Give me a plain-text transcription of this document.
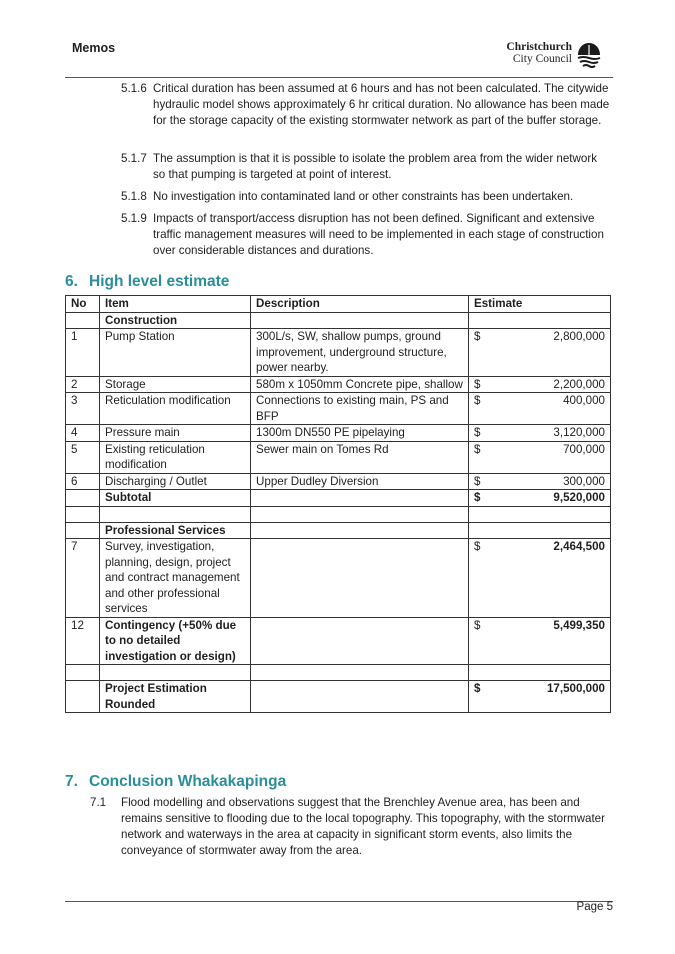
Memos	Christchurch
City Council
5.1.6 Critical duration has been assumed at 6 hours and has not been calculated. The citywide hydraulic model shows approximately 6 hr critical duration. No allowance has been made for the storage capacity of the existing stormwater network as part of the buffer storage.
5.1.7 The assumption is that it is possible to isolate the problem area from the wider network so that pumping is targeted at point of interest.
5.1.8 No investigation into contaminated land or other constraints has been undertaken.
5.1.9 Impacts of transport/access disruption has not been defined. Significant and extensive traffic management measures will need to be implemented in each stage of construction over considerable distances and durations.
6. High level estimate
No	Item	Description	Estimate
	Construction		
1	Pump Station	300L/s, SW, shallow pumps, ground improvement, underground structure, power nearby.	$ 2,800,000

2	Storage	580m x 1050mm Concrete pipe, shallow	$ 2,200,000

3	Reticulation modification	Connections to existing main, PS and BFP	$ 400,000

4	Pressure main	1300m DN550 PE pipelaying	$ 3,120,000

5	Existing reticulation modification	Sewer main on Tomes Rd	$ 700,000

6	Discharging / Outlet	Upper Dudley Diversion	$ 300,000

	Subtotal		$ 9,520,000

	Professional Services		
7	Survey, investigation, planning, design, project and contract management and other professional services		$ 2,464,500

12	Contingency (+50% due to no detailed investigation or design)		$ 5,499,350

	Project Estimation Rounded		$ 17,500,000
7. Conclusion Whakakapinga
7.1 Flood modelling and observations suggest that the Brenchley Avenue area, has been and remains sensitive to flooding due to the local topography. This topography, with the stormwater network and waterways in the area at capacity in significant storm events, also limits the conveyance of stormwater away from the area.
Page 5
